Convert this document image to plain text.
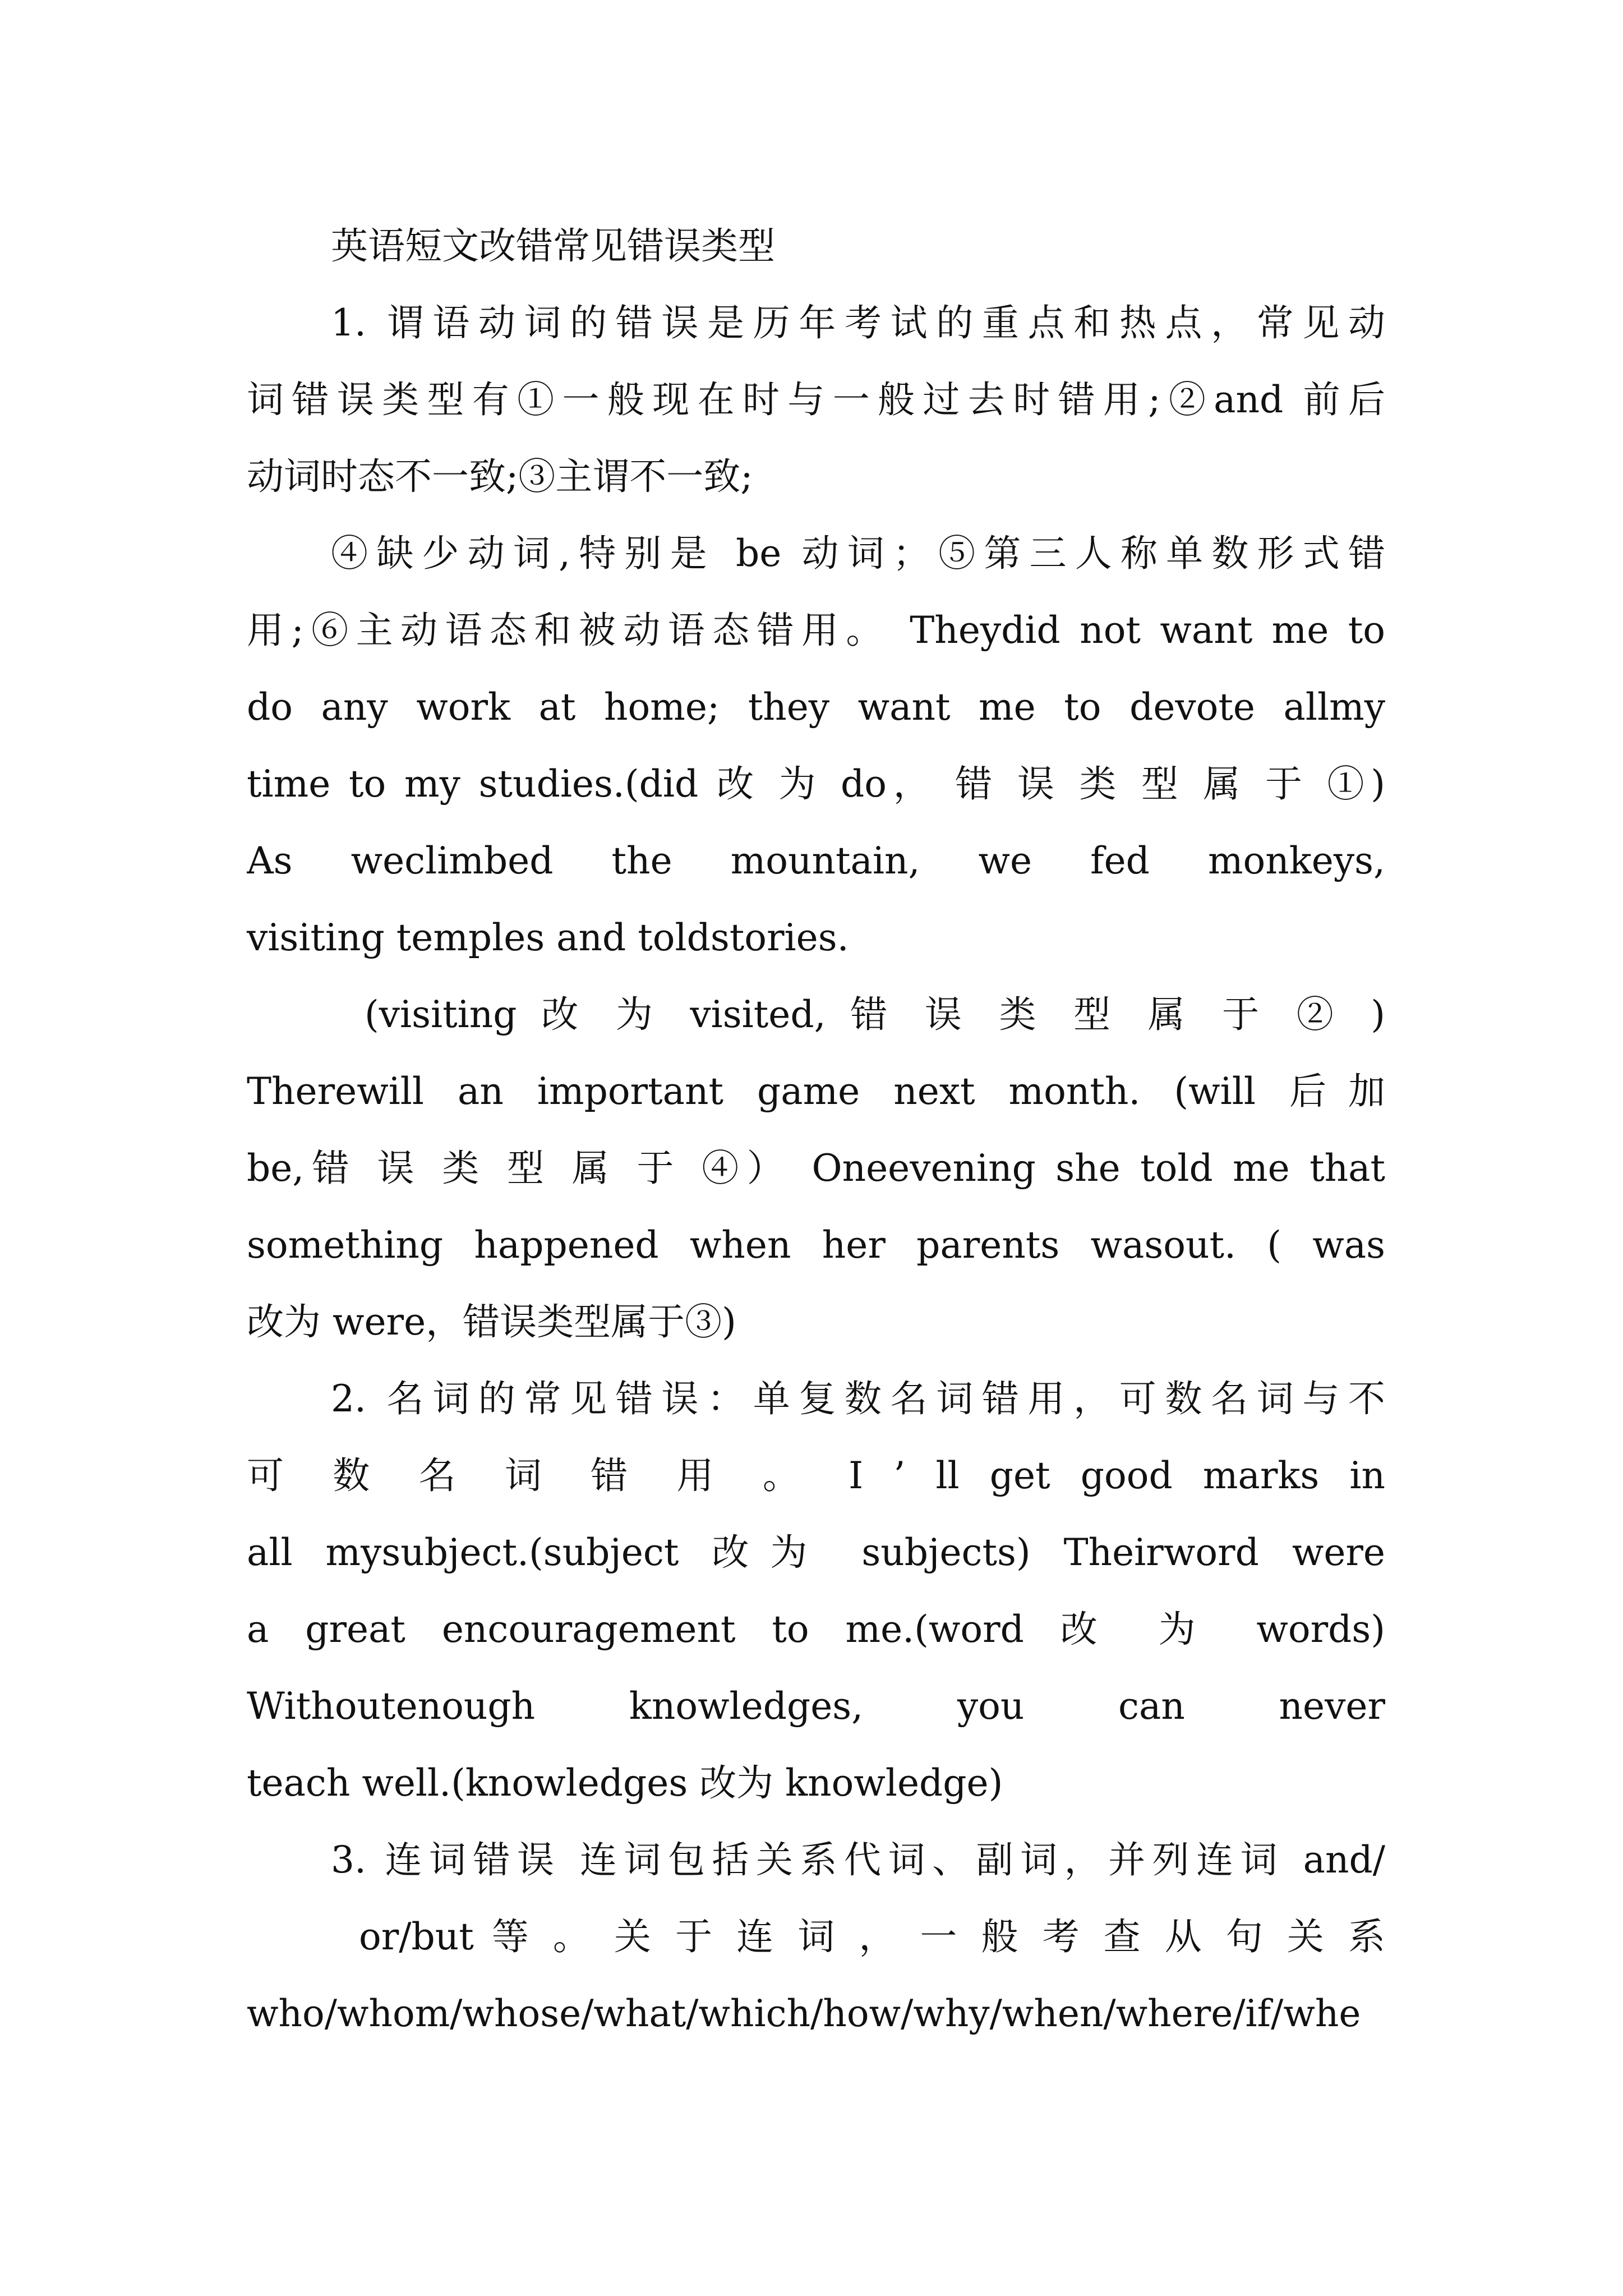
英语短文改错常见错误类型
1. 谓语动词的错误是历年考试的重点和热点，常见动
词错误类型有①一般现在时与一般过去时错用;②and 前后
动词时态不一致;③主谓不一致;
④缺少动词,特别是 be 动词；⑤第三人称单数形式错
用;⑥主动语态和被动语态错用。 Theydid not want me to
do any work at home; they want me to devote allmy
time to my studies.(did 改 为 do， 错 误 类 型 属 于 ①)
As weclimbed the mountain, we fed monkeys,
visiting temples and toldstories.
(visiting 改 为 visited, 错 误 类 型 属 于 ② )
Therewill an important game next month. (will 后加
be,错 误 类 型 属 于 ④） Oneevening she told me that
something happened when her parents wasout. ( was
改为 were，错误类型属于③)
2. 名词的常见错误：单复数名词错用，可数名词与不
可 数 名 词 错 用 。 I ’ ll get good marks in
all mysubject.(subject 改为 subjects) Theirword were
a great encouragement to me.(word 改 为 words)
Withoutenough knowledges, you can never
teach well.(knowledges 改为 knowledge)
3. 连词错误 连词包括关系代词、副词，并列连词 and/
or/but 等 。 关 于 连 词 ， 一 般 考 查 从 句 关 系
who/whom/whose/what/which/how/why/when/where/if/whe
